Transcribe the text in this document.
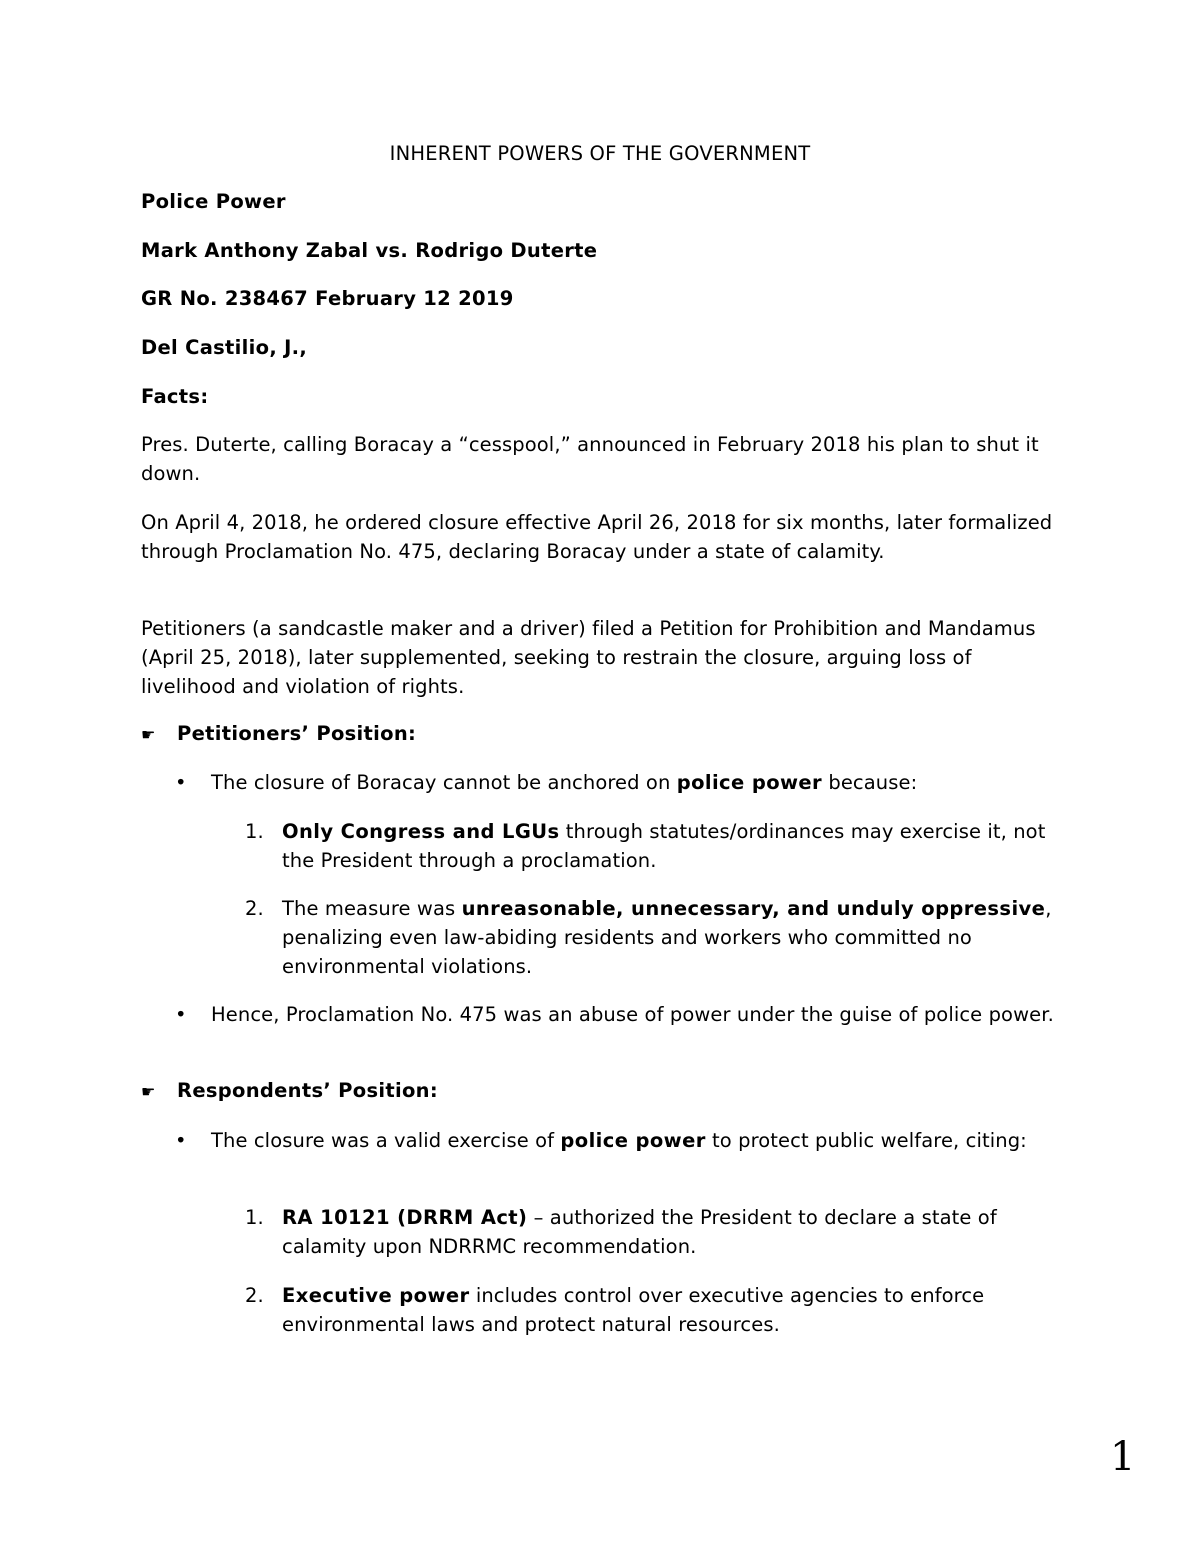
INHERENT POWERS OF THE GOVERNMENT
Police Power
Mark Anthony Zabal vs. Rodrigo Duterte
GR No. 238467 February 12 2019
Del Castilio, J.,
Facts:

Pres. Duterte, calling Boracay a “cesspool,” announced in February 2018 his plan to shut it down.

On April 4, 2018, he ordered closure effective April 26, 2018 for six months, later formalized through Proclamation No. 475, declaring Boracay under a state of calamity.

Petitioners (a sandcastle maker and a driver) filed a Petition for Prohibition and Mandamus (April 25, 2018), later supplemented, seeking to restrain the closure, arguing loss of livelihood and violation of rights.

☛ Petitioners’ Position:
• The closure of Boracay cannot be anchored on police power because:
1. Only Congress and LGUs through statutes/ordinances may exercise it, not the President through a proclamation.
2. The measure was unreasonable, unnecessary, and unduly oppressive, penalizing even law-abiding residents and workers who committed no environmental violations.
• Hence, Proclamation No. 475 was an abuse of power under the guise of police power.
☛ Respondents’ Position:
• The closure was a valid exercise of police power to protect public welfare, citing:
1. RA 10121 (DRRM Act) – authorized the President to declare a state of calamity upon NDRRMC recommendation.
2. Executive power includes control over executive agencies to enforce environmental laws and protect natural resources.
1
